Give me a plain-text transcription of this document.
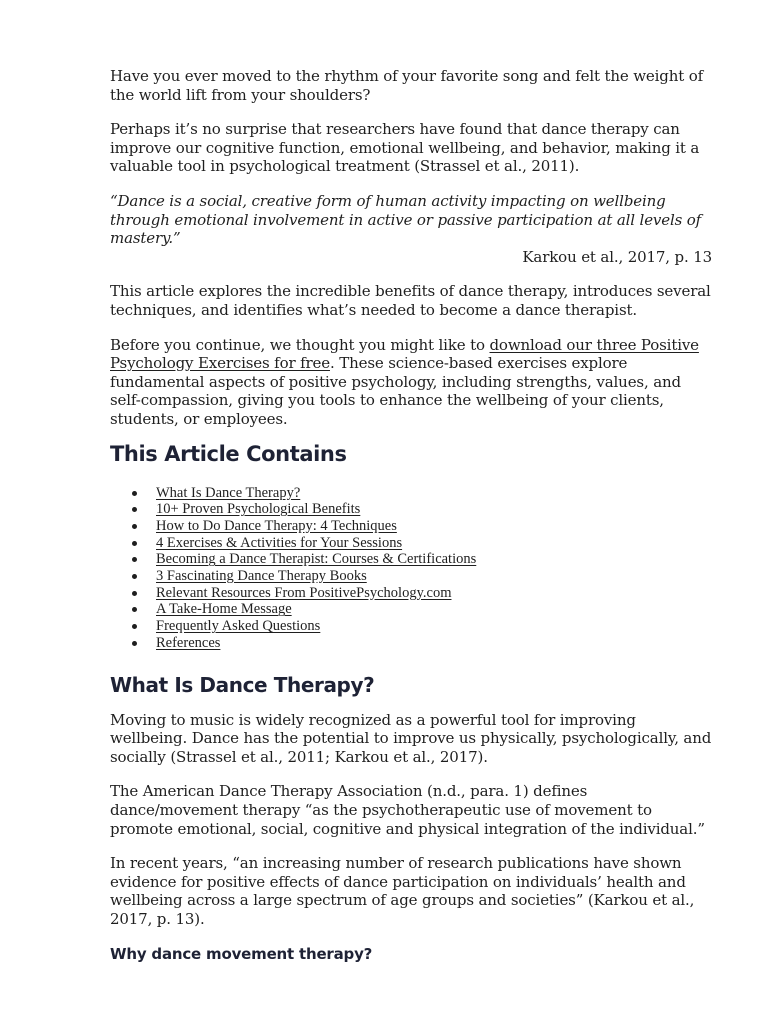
Have you ever moved to the rhythm of your favorite song and felt the weight of the world lift from your shoulders?

Perhaps it’s no surprise that researchers have found that dance therapy can improve our cognitive function, emotional wellbeing, and behavior, making it a valuable tool in psychological treatment (Strassel et al., 2011).

“Dance is a social, creative form of human activity impacting on wellbeing through emotional involvement in active or passive participation at all levels of mastery.”

Karkou et al., 2017, p. 13

This article explores the incredible benefits of dance therapy, introduces several techniques, and identifies what’s needed to become a dance therapist.

Before you continue, we thought you might like to download our three Positive Psychology Exercises for free. These science-based exercises explore fundamental aspects of positive psychology, including strengths, values, and self-compassion, giving you tools to enhance the wellbeing of your clients, students, or employees.

This Article Contains
What Is Dance Therapy?
10+ Proven Psychological Benefits
How to Do Dance Therapy: 4 Techniques
4 Exercises & Activities for Your Sessions
Becoming a Dance Therapist: Courses & Certifications
3 Fascinating Dance Therapy Books
Relevant Resources From PositivePsychology.com
A Take-Home Message
Frequently Asked Questions
References
What Is Dance Therapy?

Moving to music is widely recognized as a powerful tool for improving wellbeing. Dance has the potential to improve us physically, psychologically, and socially (Strassel et al., 2011; Karkou et al., 2017).

The American Dance Therapy Association (n.d., para. 1) defines dance/movement therapy “as the psychotherapeutic use of movement to promote emotional, social, cognitive and physical integration of the individual.”

In recent years, “an increasing number of research publications have shown evidence for positive effects of dance participation on individuals’ health and wellbeing across a large spectrum of age groups and societies” (Karkou et al., 2017, p. 13).

Why dance movement therapy?
